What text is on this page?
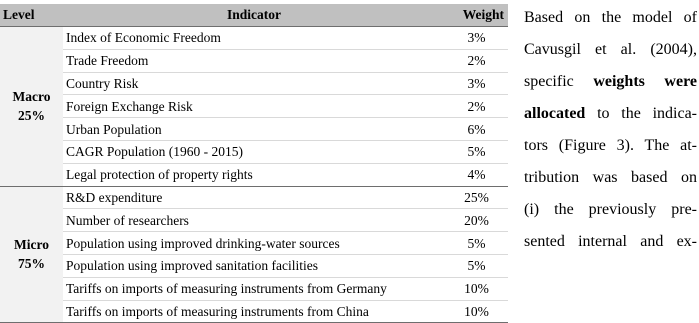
Level	Indicator	Weight
Macro
25%	Index of Economic Freedom	3%
	Trade Freedom	2%
	Country Risk	3%
	Foreign Exchange Risk	2%
	Urban Population	6%
	CAGR Population (1960 - 2015)	5%
	Legal protection of property rights	4%
Micro
75%	R&D expenditure	25%
	Number of researchers	20%
	Population using improved drinking-water sources	5%
	Population using improved sanitation facilities	5%
	Tariffs on imports of measuring instruments from Germany	10%
	Tariffs on imports of measuring instruments from China	10%
Based on the model of
Cavusgil et al. (2004),
specific weights were
allocated to the indica-
tors (Figure 3). The at-
tribution was based on
(i) the previously pre-
sented internal and ex-
